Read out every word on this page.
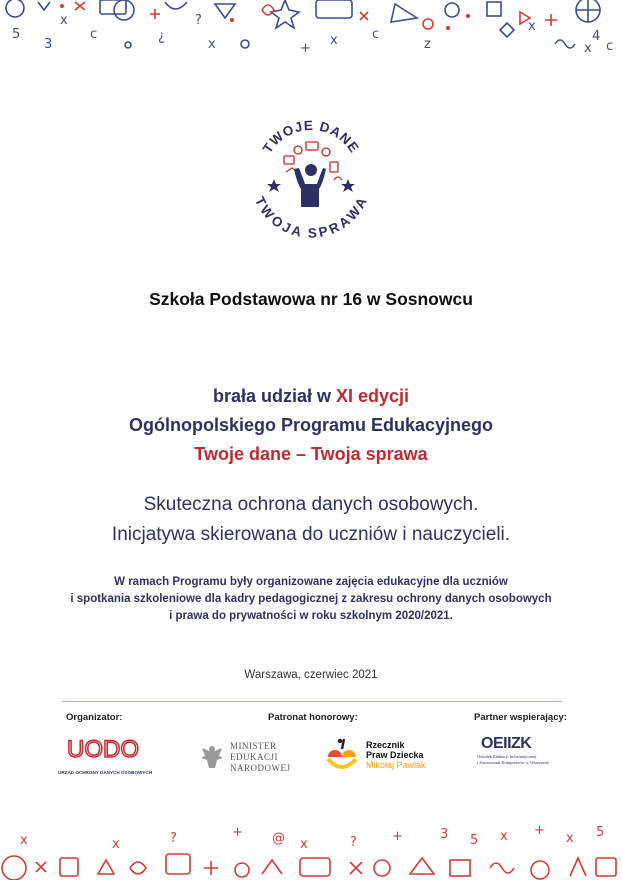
x
5
3
c	¿
?
x	+
x	c
z
x
4
c
x
TWOJE DANE
TWOJA SPRAWA
Szkoła Podstawowa nr 16 w Sosnowcu
brała udział w XI edycji
Ogólnopolskiego Programu Edukacyjnego
Twoje dane – Twoja sprawa
Skuteczna ochrona danych osobowych.
Inicjatywa skierowana do uczniów i nauczycieli.
W ramach Programu były organizowane zajęcia edukacyjne dla uczniów
i spotkania szkoleniowe dla kadry pedagogicznej z zakresu ochrony danych osobowych
i prawa do prywatności w roku szkolnym 2020/2021.
Warszawa, czerwiec 2021
Organizator:	Patronat honorowy:	Partner wspierający:
UODO
URZĄD OCHRONY DANYCH OSOBOWYCH
MINISTER
EDUKACJI
NARODOWEJ
Rzecznik
Praw Dziecka
Mikołaj Pawlak
OEIIZK
Ośrodek Edukacji Informatycznej
i Zastosowań Komputerów w Warszawie
+
x	@ x	?	+	3 5 x +
x 5
x	?
